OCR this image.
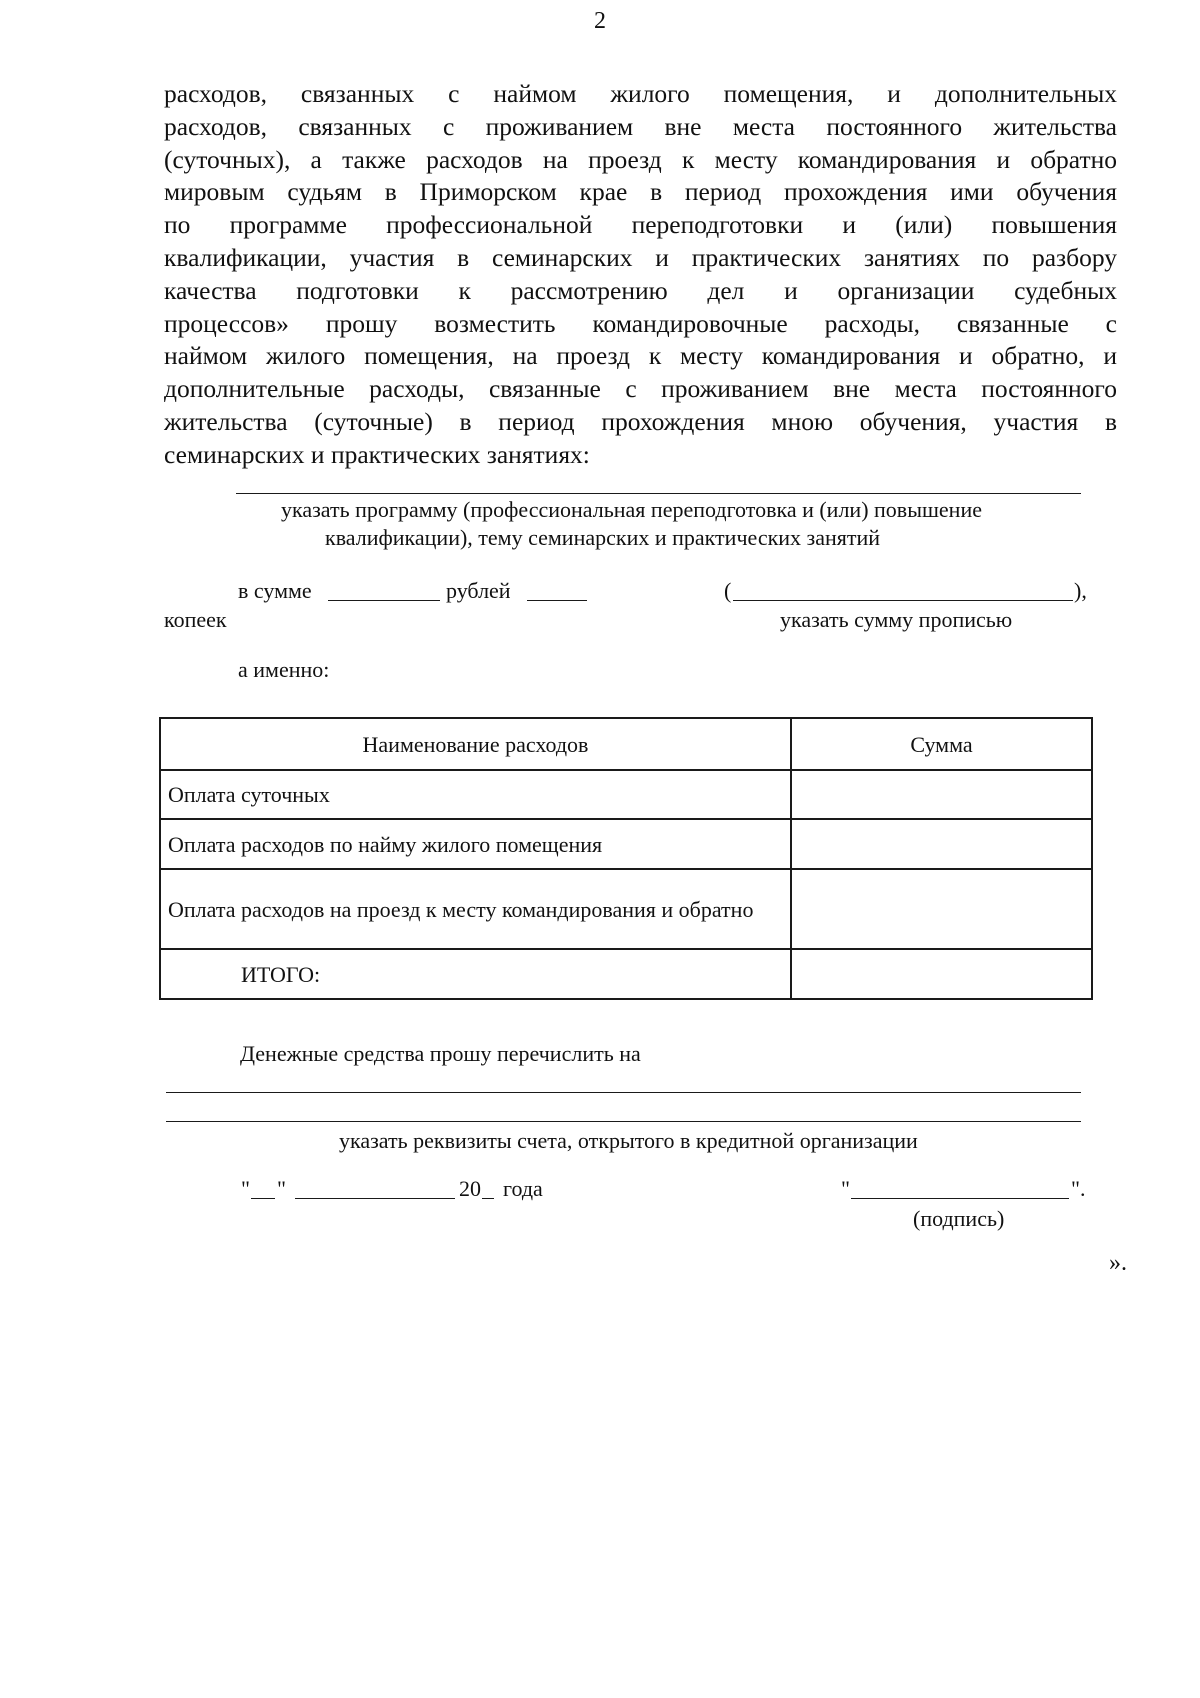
2
расходов, связанных с наймом жилого помещения, и дополнительных
расходов, связанных с проживанием вне места постоянного жительства
(суточных), а также расходов на проезд к месту командирования и обратно
мировым судьям в Приморском крае в период прохождения ими обучения
по программе профессиональной переподготовки и (или) повышения
квалификации, участия в семинарских и практических занятиях по разбору
качества подготовки к рассмотрению дел и организации судебных
процессов» прошу возместить командировочные расходы, связанные с
наймом жилого помещения, на проезд к месту командирования и обратно, и
дополнительные расходы, связанные с проживанием вне места постоянного
жительства (суточные) в период прохождения мною обучения, участия в
семинарских и практических занятиях:
указать программу (профессиональная переподготовка и (или) повышение
квалификации), тему семинарских и практических занятий
в сумме	рублей	(	),
копеек	указать сумму прописью
а именно:
Наименование расходов	Сумма
Оплата суточных	
Оплата расходов по найму жилого помещения	
Оплата расходов на проезд к месту командирования и обратно	
ИТОГО:	
Денежные средства прошу перечислить на
указать реквизиты счета, открытого в кредитной организации
" "	20 года	"	".
(подпись)
».
